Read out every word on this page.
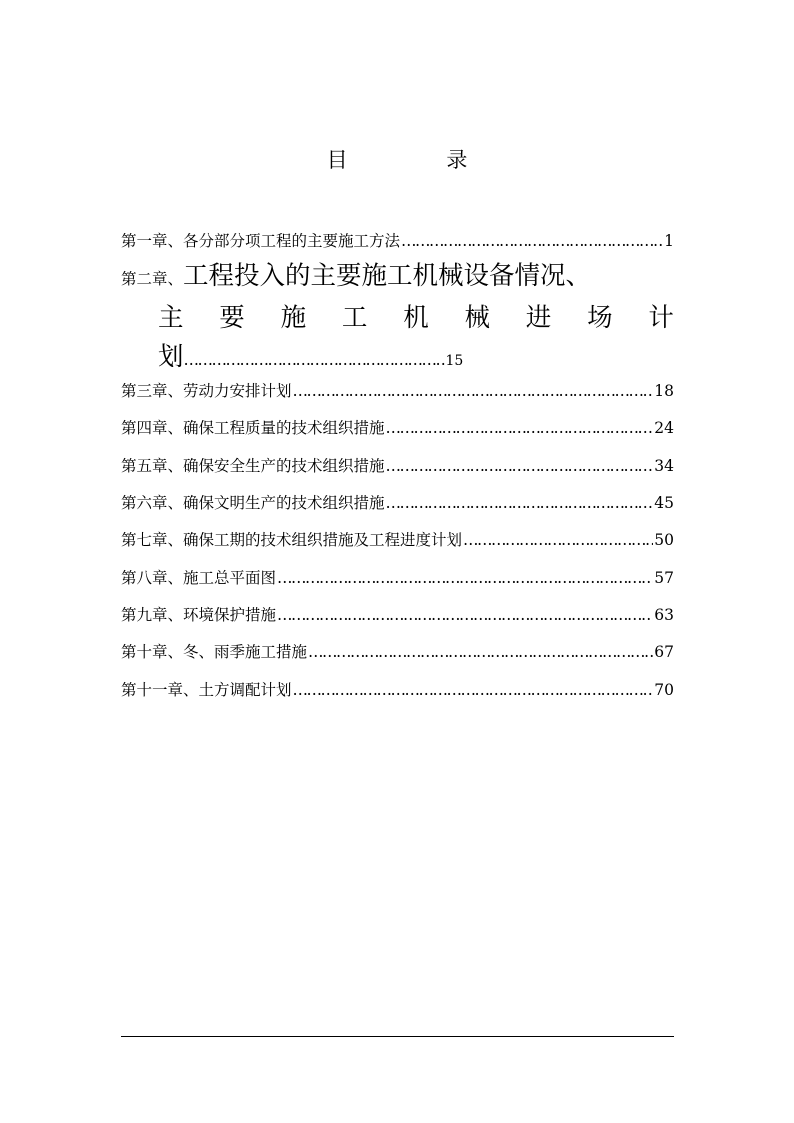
目 录
第一章、各分部分项工程的主要施工方法 ………………………………………………………………………………………………………………………………………………	1
第二章、 工程投入的主要施工机械设备情况、
主 要 施 工 机 械 进 场 计
划 ………………………………………………………………………………	15
第三章、劳动力安排计划 ………………………………………………………………………………………………………………………………………………	18
第四章、确保工程质量的技术组织措施 ………………………………………………………………………………………………………………………………………………	24
第五章、确保安全生产的技术组织措施 ………………………………………………………………………………………………………………………………………………	34
第六章、确保文明生产的技术组织措施 ………………………………………………………………………………………………………………………………………………	45
第七章、确保工期的技术组织措施及工程进度计划 ………………………………………………………………………………………………………………………………………………	50
第八章、施工总平面图 ………………………………………………………………………………………………………………………………………………	57
第九章、环境保护措施 ………………………………………………………………………………………………………………………………………………	63
第十章、冬、雨季施工措施 ………………………………………………………………………………………………………………………………………………	67
第十一章、土方调配计划 ………………………………………………………………………………………………………………………………………………	70
